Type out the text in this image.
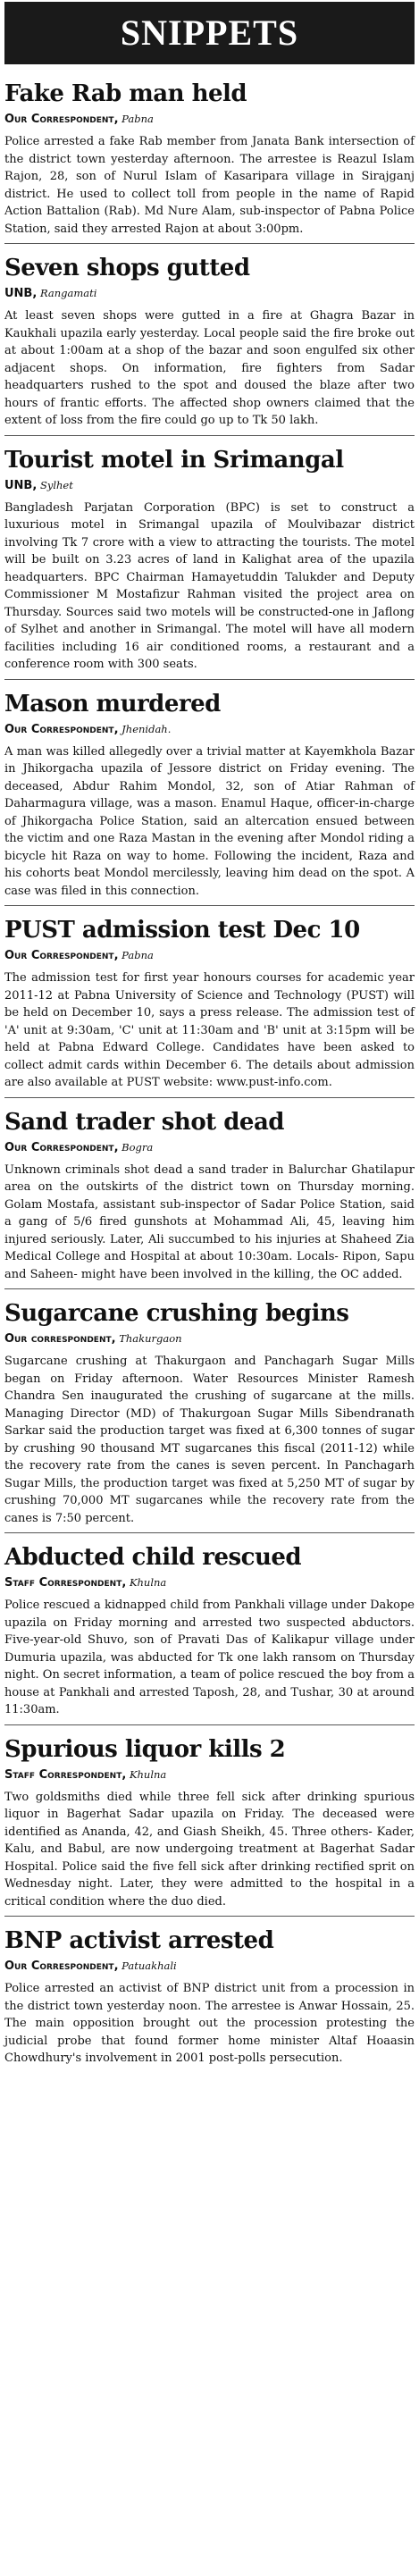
SNIPPETS
Fake Rab man held
Our Correspondent, Pabna

Police arrested a fake Rab member from Janata Bank intersection of the district town yesterday afternoon. The arrestee is Reazul Islam Rajon, 28, son of Nurul Islam of Kasaripara village in Sirajganj district. He used to collect toll from people in the name of Rapid Action Battalion (Rab). Md Nure Alam, sub-inspector of Pabna Police Station, said they arrested Rajon at about 3:00pm.

Seven shops gutted
UNB, Rangamati

At least seven shops were gutted in a fire at Ghagra Bazar in Kaukhali upazila early yesterday. Local people said the fire broke out at about 1:00am at a shop of the bazar and soon engulfed six other adjacent shops. On information, fire fighters from Sadar headquarters rushed to the spot and doused the blaze after two hours of frantic efforts. The affected shop owners claimed that the extent of loss from the fire could go up to Tk 50 lakh.

Tourist motel in Srimangal
UNB, Sylhet

Bangladesh Parjatan Corporation (BPC) is set to construct a luxurious motel in Srimangal upazila of Moulvibazar district involving Tk 7 crore with a view to attracting the tourists. The motel will be built on 3.23 acres of land in Kalighat area of the upazila headquarters. BPC Chairman Hamayetuddin Talukder and Deputy Commissioner M Mostafizur Rahman visited the project area on Thursday. Sources said two motels will be constructed-one in Jaflong of Sylhet and another in Srimangal. The motel will have all modern facilities including 16 air conditioned rooms, a restaurant and a conference room with 300 seats.

Mason murdered
Our Correspondent, Jhenidah.

A man was killed allegedly over a trivial matter at Kayemkhola Bazar in Jhikorgacha upazila of Jessore district on Friday evening. The deceased, Abdur Rahim Mondol, 32, son of Atiar Rahman of Daharmagura village, was a mason. Enamul Haque, officer-in-charge of Jhikorgacha Police Station, said an altercation ensued between the victim and one Raza Mastan in the evening after Mondol riding a bicycle hit Raza on way to home. Following the incident, Raza and his cohorts beat Mondol mercilessly, leaving him dead on the spot. A case was filed in this connection.

PUST admission test Dec 10
Our Correspondent, Pabna

The admission test for first year honours courses for academic year 2011-12 at Pabna University of Science and Technology (PUST) will be held on December 10, says a press release. The admission test of 'A' unit at 9:30am, 'C' unit at 11:30am and 'B' unit at 3:15pm will be held at Pabna Edward College. Candidates have been asked to collect admit cards within December 6. The details about admission are also available at PUST website: www.pust-info.com.

Sand trader shot dead
Our Correspondent, Bogra

Unknown criminals shot dead a sand trader in Balurchar Ghatilapur area on the outskirts of the district town on Thursday morning. Golam Mostafa, assistant sub-inspector of Sadar Police Station, said a gang of 5/6 fired gunshots at Mohammad Ali, 45, leaving him injured seriously. Later, Ali succumbed to his injuries at Shaheed Zia Medical College and Hospital at about 10:30am. Locals- Ripon, Sapu and Saheen- might have been involved in the killing, the OC added.

Sugarcane crushing begins
Our correspondent, Thakurgaon

Sugarcane crushing at Thakurgaon and Panchagarh Sugar Mills began on Friday afternoon. Water Resources Minister Ramesh Chandra Sen inaugurated the crushing of sugarcane at the mills. Managing Director (MD) of Thakurgoan Sugar Mills Sibendranath Sarkar said the production target was fixed at 6,300 tonnes of sugar by crushing 90 thousand MT sugarcanes this fiscal (2011-12) while the recovery rate from the canes is seven percent. In Panchagarh Sugar Mills, the production target was fixed at 5,250 MT of sugar by crushing 70,000 MT sugarcanes while the recovery rate from the canes is 7:50 percent.

Abducted child rescued
Staff Correspondent, Khulna

Police rescued a kidnapped child from Pankhali village under Dakope upazila on Friday morning and arrested two suspected abductors. Five-year-old Shuvo, son of Pravati Das of Kalikapur village under Dumuria upazila, was abducted for Tk one lakh ransom on Thursday night. On secret information, a team of police rescued the boy from a house at Pankhali and arrested Taposh, 28, and Tushar, 30 at around 11:30am.

Spurious liquor kills 2
Staff Correspondent, Khulna

Two goldsmiths died while three fell sick after drinking spurious liquor in Bagerhat Sadar upazila on Friday. The deceased were identified as Ananda, 42, and Giash Sheikh, 45. Three others- Kader, Kalu, and Babul, are now undergoing treatment at Bagerhat Sadar Hospital. Police said the five fell sick after drinking rectified sprit on Wednesday night. Later, they were admitted to the hospital in a critical condition where the duo died.

BNP activist arrested
Our Correspondent, Patuakhali

Police arrested an activist of BNP district unit from a procession in the district town yesterday noon. The arrestee is Anwar Hossain, 25. The main opposition brought out the procession protesting the judicial probe that found former home minister Altaf Hoaasin Chowdhury's involvement in 2001 post-polls persecution.
